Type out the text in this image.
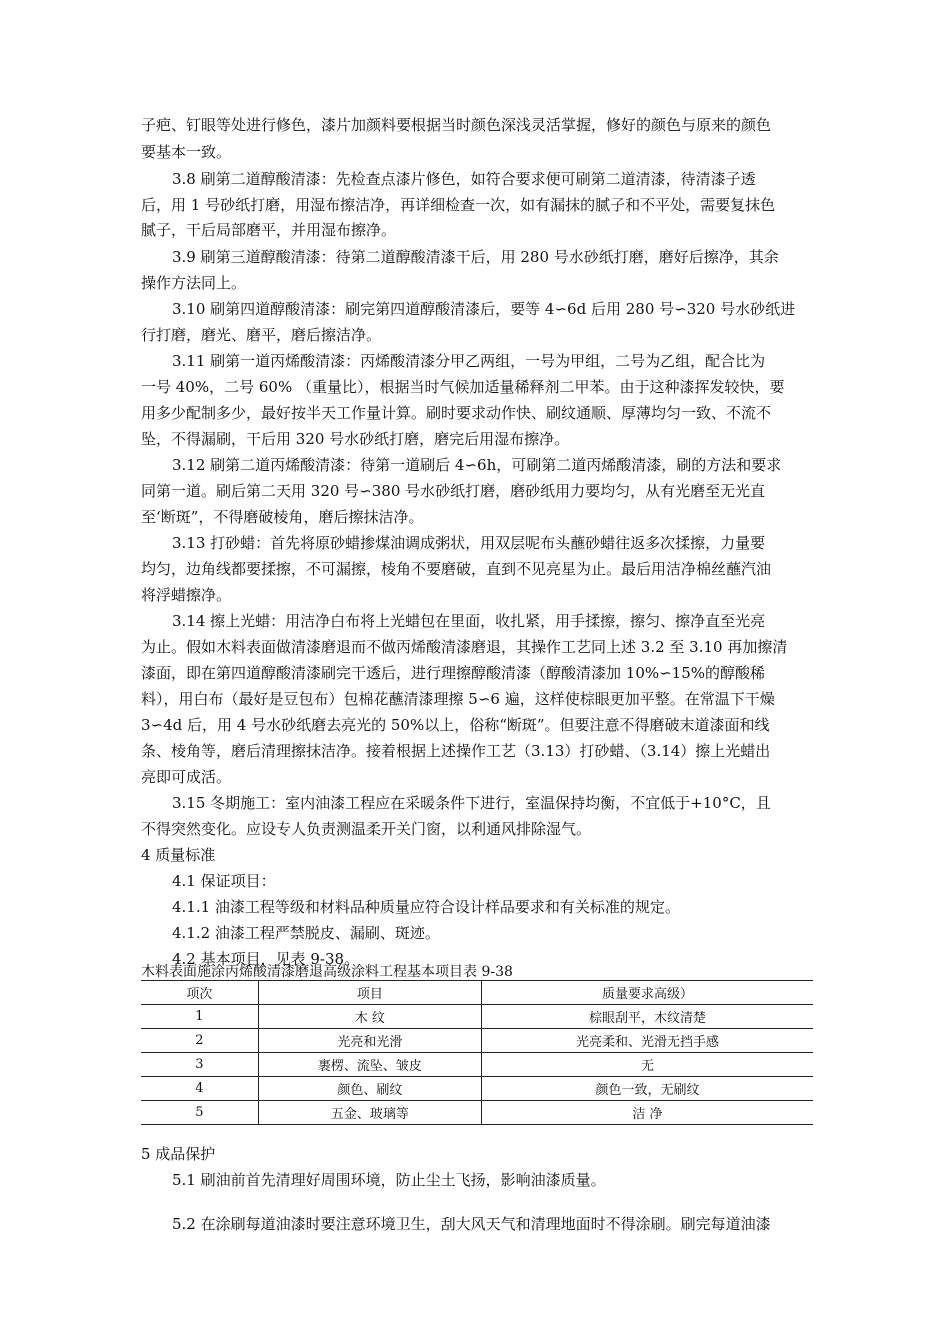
子疤、钉眼等处进行修色，漆片加颜料要根据当时颜色深浅灵活掌握，修好的颜色与原来的颜色
要基本一致。
3.8 刷第二道醇酸清漆：先检查点漆片修色，如符合要求便可刷第二道清漆，待清漆子透
后，用 1 号砂纸打磨，用湿布擦洁净，再详细检查一次，如有漏抹的腻子和不平处，需要复抹色
腻子，干后局部磨平，并用湿布擦净。
3.9 刷第三道醇酸清漆：待第二道醇酸清漆干后，用 280 号水砂纸打磨，磨好后擦净，其余
操作方法同上。
3.10 刷第四道醇酸清漆：刷完第四道醇酸清漆后，要等 4∽6d 后用 280 号∽320 号水砂纸进
行打磨，磨光、磨平，磨后擦洁净。
3.11 刷第一道丙烯酸清漆：丙烯酸清漆分甲乙两组，一号为甲组，二号为乙组，配合比为
一号 40%，二号 60% （重量比），根据当时气候加适量稀释剂二甲苯。由于这种漆挥发较快，要
用多少配制多少，最好按半天工作量计算。刷时要求动作快、刷纹通顺、厚薄均匀一致、不流不
坠，不得漏刷，干后用 320 号水砂纸打磨，磨完后用湿布擦净。
3.12 刷第二道丙烯酸清漆：待第一道刷后 4∽6h，可刷第二道丙烯酸清漆，刷的方法和要求
同第一道。刷后第二天用 320 号∽380 号水砂纸打磨，磨砂纸用力要均匀，从有光磨至无光直
至‘断斑”，不得磨破棱角，磨后擦抹洁净。
3.13 打砂蜡：首先将原砂蜡掺煤油调成粥状，用双层呢布头蘸砂蜡往返多次揉擦，力量要
均匀，边角线都要揉擦，不可漏擦，棱角不要磨破，直到不见亮星为止。最后用洁净棉丝蘸汽油
将浮蜡擦净。
3.14 擦上光蜡：用洁净白布将上光蜡包在里面，收扎紧，用手揉擦，擦匀、擦净直至光亮
为止。假如木料表面做清漆磨退而不做丙烯酸清漆磨退，其操作工艺同上述 3.2 至 3.10 再加擦清
漆面，即在第四道醇酸清漆刷完干透后，进行理擦醇酸清漆（醇酸清漆加 10%∽15%的醇酸稀
料），用白布（最好是豆包布）包棉花蘸清漆理擦 5∽6 遍，这样使棕眼更加平整。在常温下干燥
3∽4d 后，用 4 号水砂纸磨去亮光的 50%以上，俗称“断斑”。但要注意不得磨破末道漆面和线
条、棱角等，磨后清理擦抹洁净。接着根据上述操作工艺（3.13）打砂蜡、（3.14）擦上光蜡出
亮即可成活。
3.15 冬期施工：室内油漆工程应在采暖条件下进行，室温保持均衡，不宜低于+10°C，且
不得突然变化。应设专人负责测温柔开关门窗，以利通风排除湿气。
4 质量标准
4.1 保证项目：
4.1.1 油漆工程等级和材料品种质量应符合设计样品要求和有关标准的规定。
4.1.2 油漆工程严禁脱皮、漏刷、斑迹。
4.2 基本项目，见表 9-38。
木料表面施涂丙烯酸清漆磨退高级涂料工程基本项目表 9-38
项次	项目	质量要求高级）
1	木 纹	棕眼刮平，木纹清楚
2	光亮和光滑	光亮柔和、光滑无挡手感
3	裹楞、流坠、皱皮	无
4	颜色、刷纹	颜色一致，无刷纹
5	五金、玻璃等	洁 净
5 成品保护
5.1 刷油前首先清理好周围环境，防止尘土飞扬，影响油漆质量。
5.2 在涂刷每道油漆时要注意环境卫生，刮大风天气和清理地面时不得涂刷。刷完每道油漆
